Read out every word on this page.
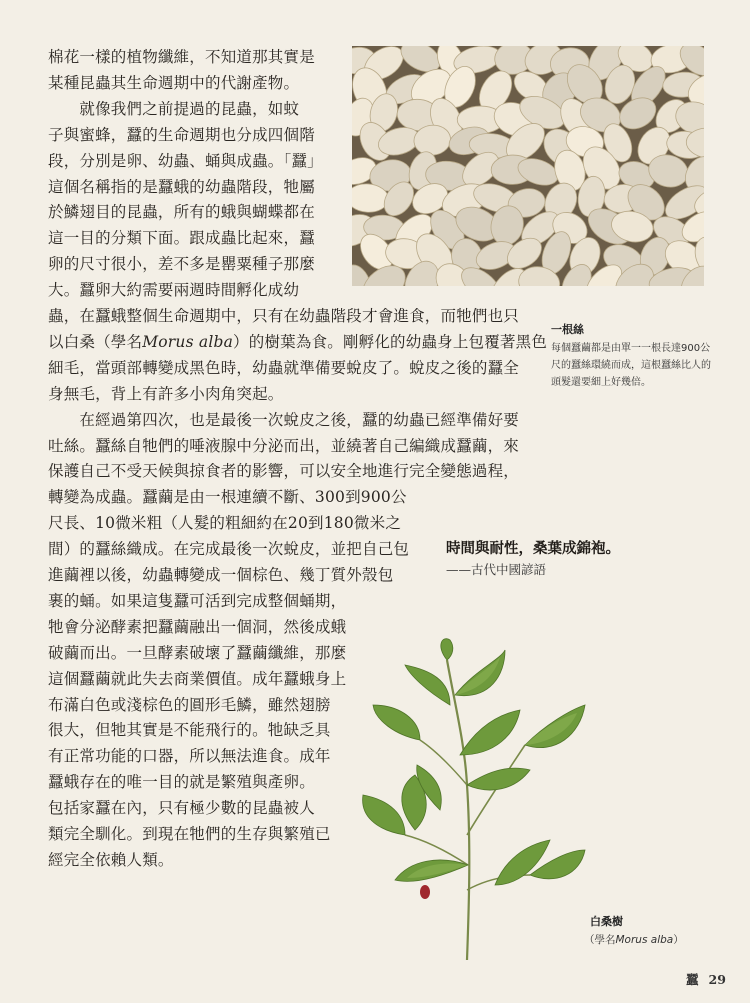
棉花一樣的植物纖維，不知道那其實是
某種昆蟲其生命週期中的代謝產物。
　　就像我們之前提過的昆蟲，如蚊
子與蜜蜂，蠶的生命週期也分成四個階
段，分別是卵、幼蟲、蛹與成蟲。「蠶」
這個名稱指的是蠶蛾的幼蟲階段，牠屬
於鱗翅目的昆蟲，所有的蛾與蝴蝶都在
這一目的分類下面。跟成蟲比起來，蠶
卵的尺寸很小，差不多是罌粟種子那麼
大。蠶卵大約需要兩週時間孵化成幼
蟲，在蠶蛾整個生命週期中，只有在幼蟲階段才會進食，而牠們也只
以白桑（學名Morus alba）的樹葉為食。剛孵化的幼蟲身上包覆著黑色
細毛，當頭部轉變成黑色時，幼蟲就準備要蛻皮了。蛻皮之後的蠶全
身無毛，背上有許多小肉角突起。
　　在經過第四次，也是最後一次蛻皮之後，蠶的幼蟲已經準備好要
吐絲。蠶絲自牠們的唾液腺中分泌而出，並繞著自己編織成蠶繭，來
保護自己不受天候與掠食者的影響，可以安全地進行完全變態過程，
轉變為成蟲。蠶繭是由一根連續不斷、300到900公
尺長、10微米粗（人髮的粗細約在20到180微米之
間）的蠶絲織成。在完成最後一次蛻皮，並把自己包
進繭裡以後，幼蟲轉變成一個棕色、幾丁質外殼包
裹的蛹。如果這隻蠶可活到完成整個蛹期，
牠會分泌酵素把蠶繭融出一個洞，然後成蛾
破繭而出。一旦酵素破壞了蠶繭纖維，那麼
這個蠶繭就此失去商業價值。成年蠶蛾身上
布滿白色或淺棕色的圓形毛鱗，雖然翅膀
很大，但牠其實是不能飛行的。牠缺乏具
有正常功能的口器，所以無法進食。成年
蠶蛾存在的唯一目的就是繁殖與產卵。
包括家蠶在內，只有極少數的昆蟲被人
類完全馴化。到現在牠們的生存與繁殖已
經完全依賴人類。
一根絲
每個蠶繭都是由單一一根長達900公尺的蠶絲環繞而成，這根蠶絲比人的頭髮還要細上好幾倍。
時間與耐性，桑葉成錦袍。
——古代中國諺語
白桑樹
（學名Morus alba）
蠶 29
